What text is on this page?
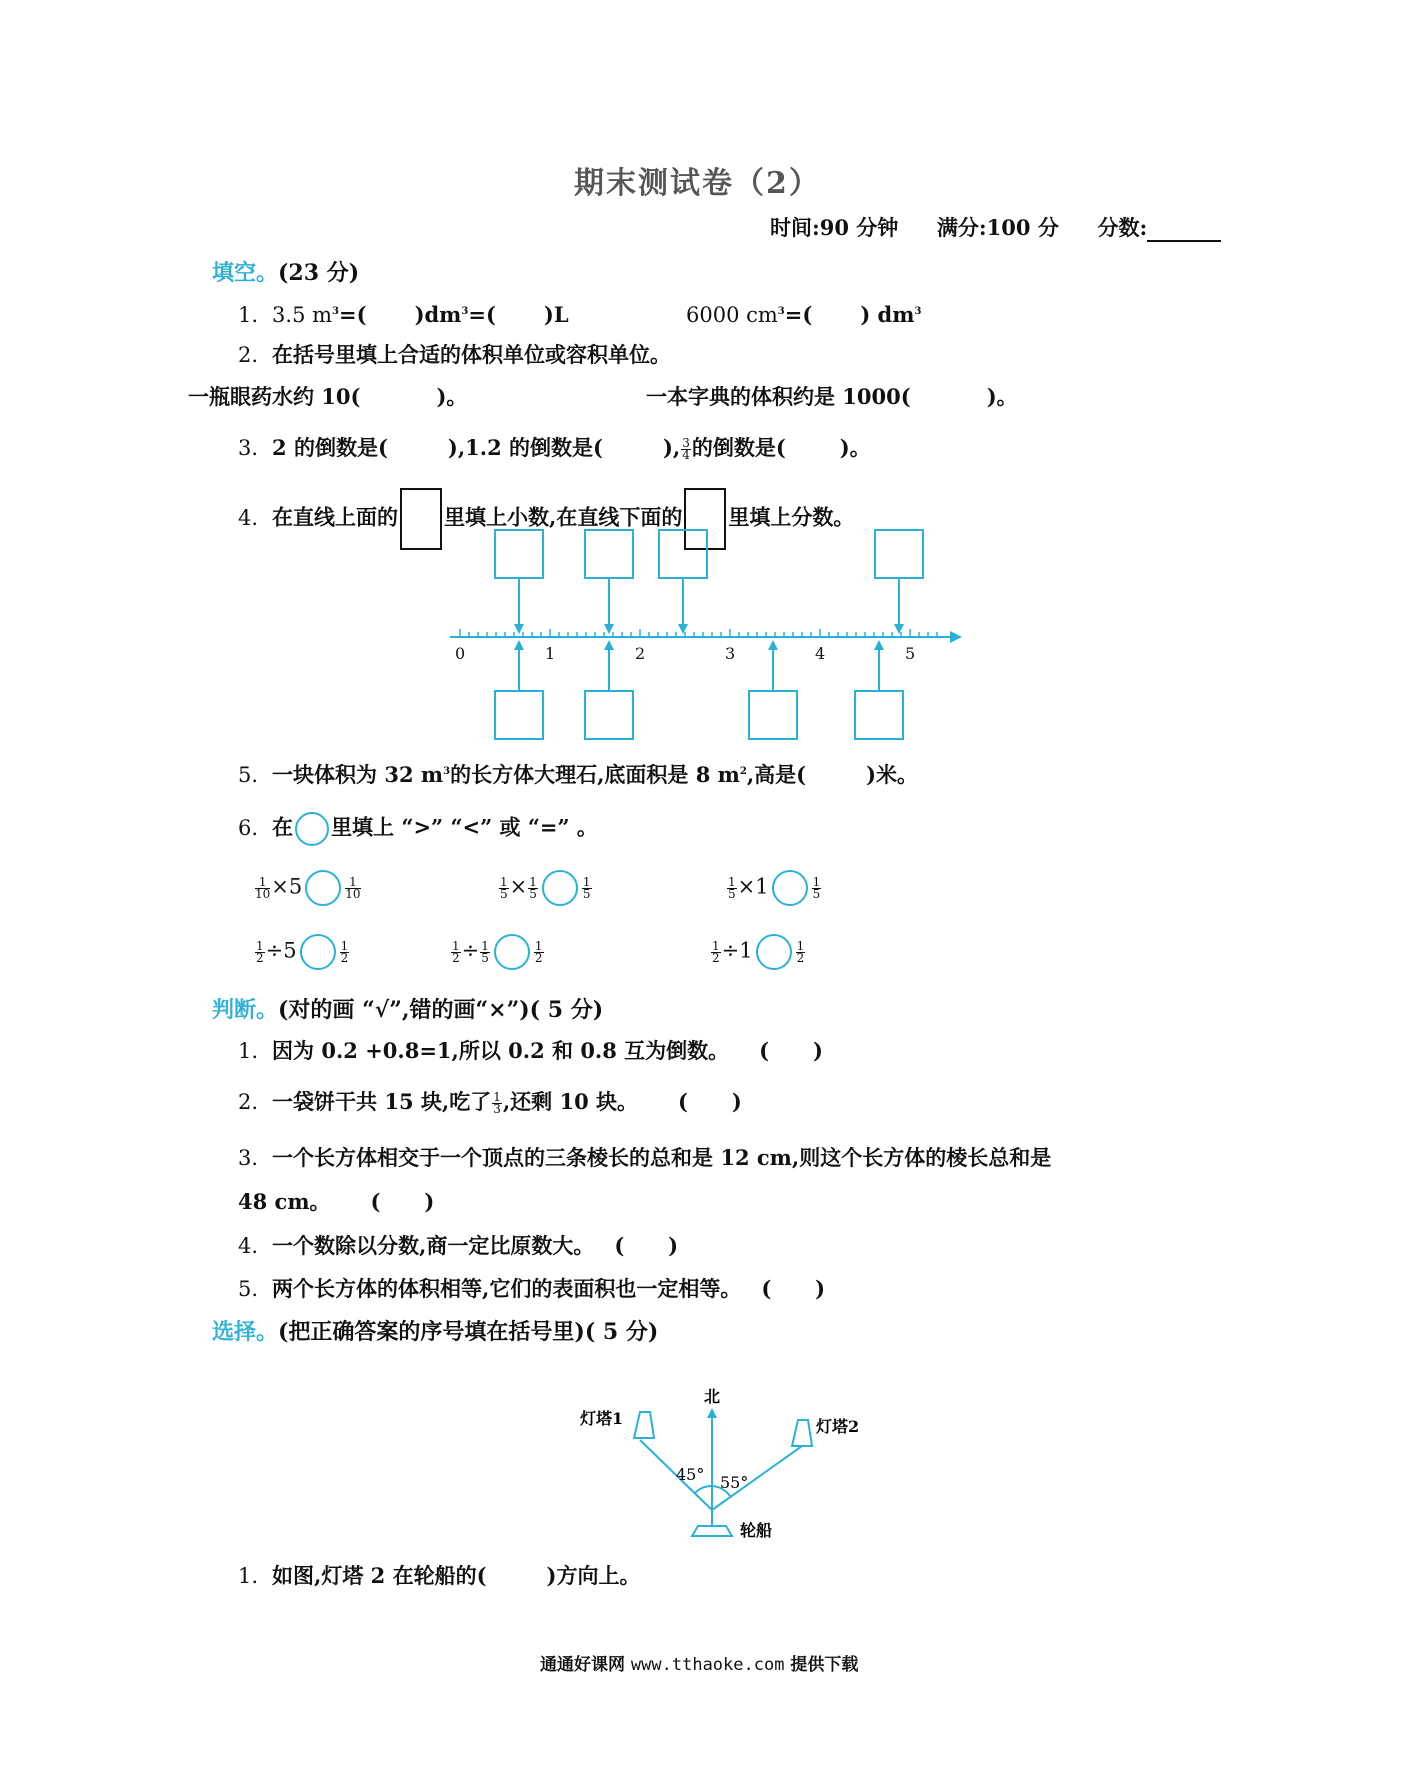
期末测试卷（2）
时间:90 分钟 满分:100 分 分数:
填空。(23 分)
1. 3.5 $m^3=$( )$dm^3=$( )L	6000 $cm^3=$( ) $dm^3$
2. 在括号里填上合适的体积单位或容积单位。
一瓶眼药水约 10(	)。	一本字典的体积约是 1000(	)。
3. 2 的倒数是(	),1.2 的倒数是(	), $\frac{3}{4}$ 的倒数是(	)。
4. 在直线上面的 里填上小数,在直线下面的 里填上分数。
0	1	2	3	4	5
5. 一块体积为 32 $m^3$的长方体大理石,底面积是 8 $m^2$,高是(	)米。
6. 在 里填上 “>” “<” 或 “=” 。
$\frac{1}{10} \times 5$	$\frac{1}{10}$	$\frac{1}{5} \times \frac{1}{5}$	$\frac{1}{5}$	$\frac{1}{5} \times 1$	$\frac{1}{5}$
$\frac{1}{2} \div 5$	$\frac{1}{2}$	$\frac{1}{2} \div \frac{1}{5}$	$\frac{1}{2}$	$\frac{1}{2} \div 1$	$\frac{1}{2}$
判断。(对的画 “√”,错的画“×”)( 5 分)
1. 因为 0.2 +0.8=1,所以 0.2 和 0.8 互为倒数。 (      )
2. 一袋饼干共 15 块,吃了 $\frac{1}{3}$ ,还剩 10 块。 (      )
3. 一个长方体相交于一个顶点的三条棱长的总和是 12 cm,则这个长方体的棱长总和是
48 cm。 (      )
4. 一个数除以分数,商一定比原数大。 (      )
5. 两个长方体的体积相等,它们的表面积也一定相等。 (      )
选择。(把正确答案的序号填在括号里)( 5 分)
北
灯塔1	灯塔2
轮船
45° 55°
1. 如图,灯塔 2 在轮船的(	)方向上。
通通好课网 www.tthaoke.com 提供下载
